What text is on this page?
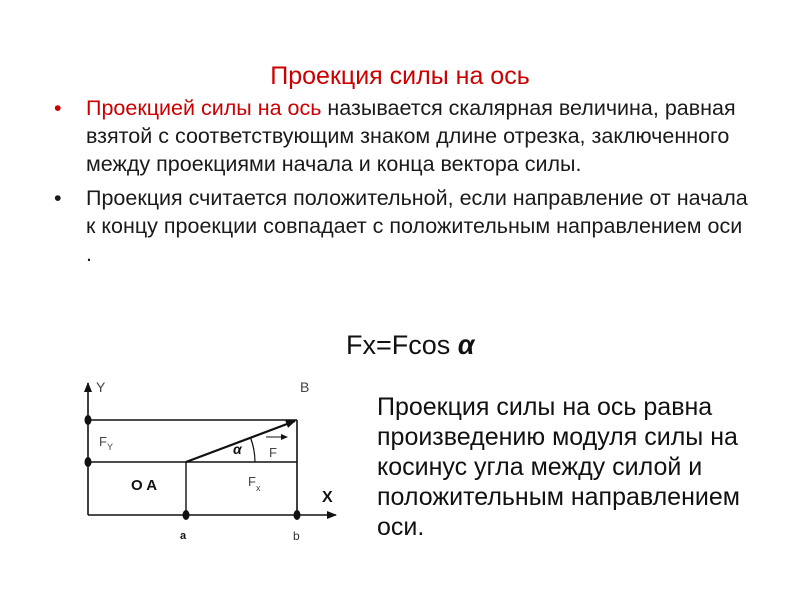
Проекция силы на ось
•	Проекцией силы на ось называется скалярная величина, равная взятой с соответствующим знаком длине отрезка, заключенного между проекциями начала и конца вектора силы.
•	Проекция считается положительной, если направление от начала к концу проекции совпадает с положительным направлением оси .
Fx=Fcos α
Проекция силы на ось равна произведению модуля силы на косинус угла между силой и положительным направлением оси.
Y	B
X
O A
a	b
$F_Y$
$F_x$
α F
